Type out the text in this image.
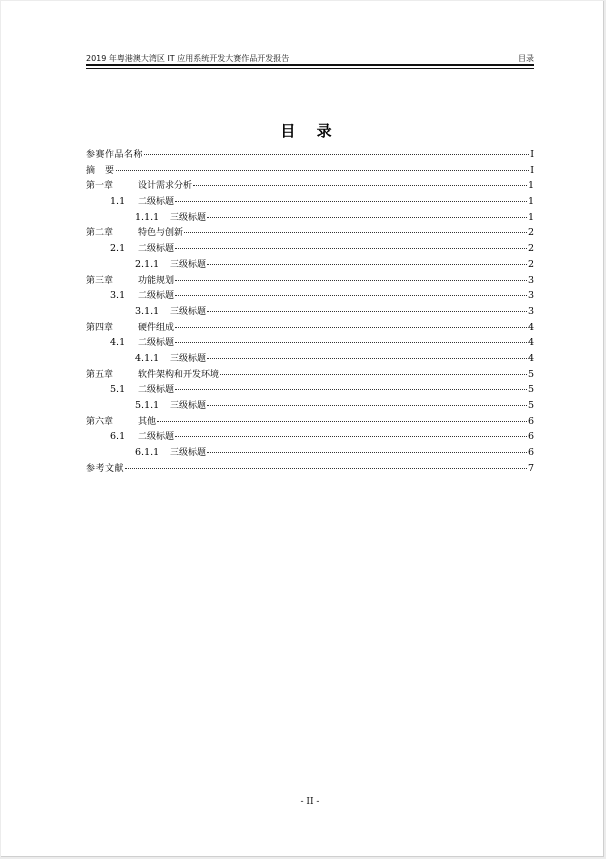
2019 年粤港澳大湾区 IT 应用系统开发大赛作品开发报告	目录
目 录
参赛作品名称	I
摘　要	I
第一章	设计需求分析	1
1.1	二级标题	1
1.1.1	三级标题	1
第二章	特色与创新	2
2.1	二级标题	2
2.1.1	三级标题	2
第三章	功能规划	3
3.1	二级标题	3
3.1.1	三级标题	3
第四章	硬件组成	4
4.1	二级标题	4
4.1.1	三级标题	4
第五章	软件架构和开发环境	5
5.1	二级标题	5
5.1.1	三级标题	5
第六章	其他	6
6.1	二级标题	6
6.1.1	三级标题	6
参考文献	7
- II -
